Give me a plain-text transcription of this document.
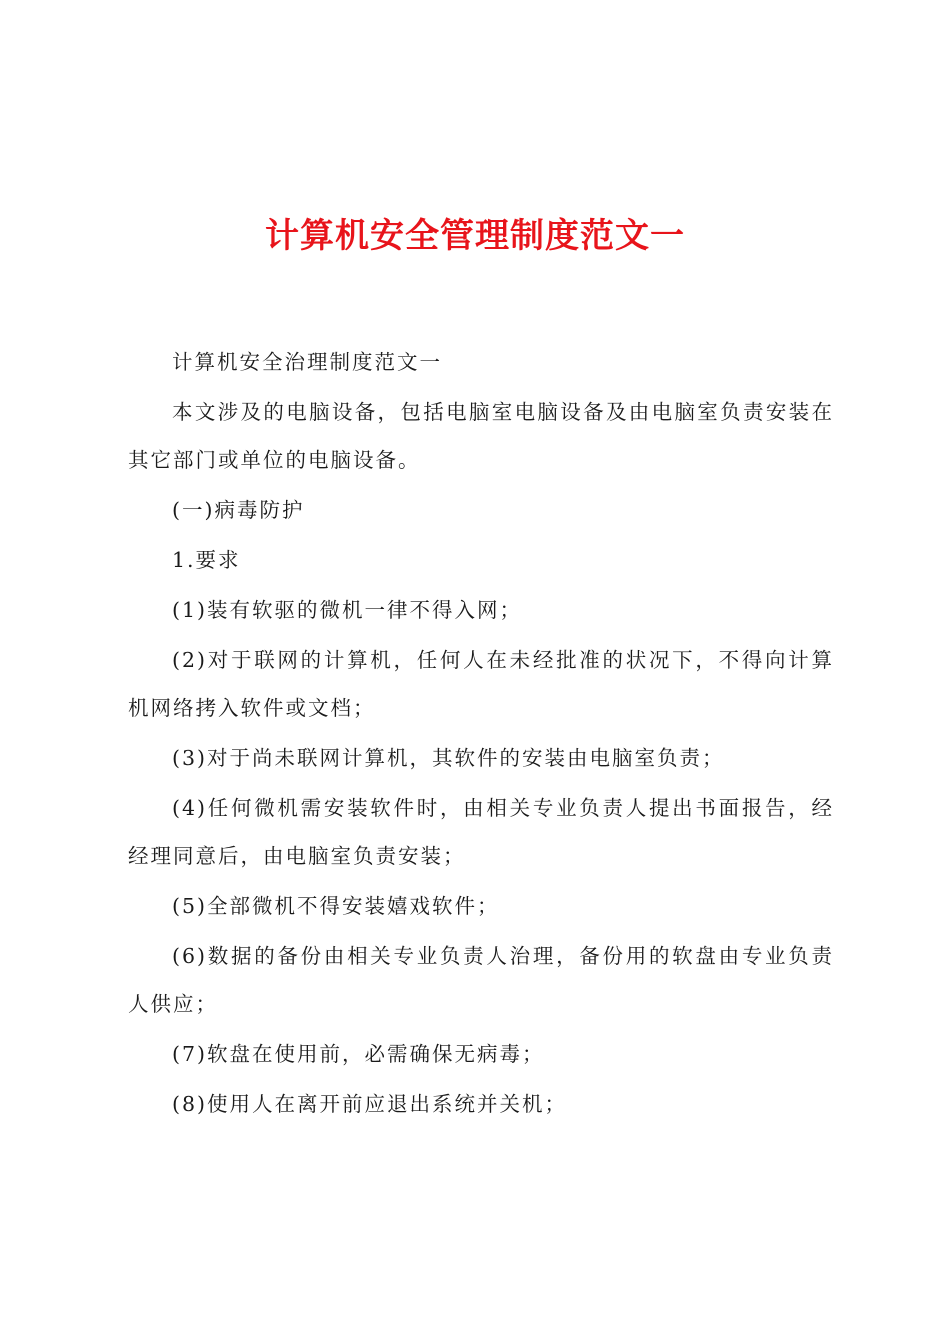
计算机安全管理制度范文一

计算机安全治理制度范文一

本文涉及的电脑设备，包括电脑室电脑设备及由电脑室负责安装在其它部门或单位的电脑设备。

(一)病毒防护

1.要求

(1)装有软驱的微机一律不得入网；

(2)对于联网的计算机，任何人在未经批准的状况下，不得向计算机网络拷入软件或文档；

(3)对于尚未联网计算机，其软件的安装由电脑室负责；

(4)任何微机需安装软件时，由相关专业负责人提出书面报告，经经理同意后，由电脑室负责安装；

(5)全部微机不得安装嬉戏软件；

(6)数据的备份由相关专业负责人治理，备份用的软盘由专业负责人供应；

(7)软盘在使用前，必需确保无病毒；

(8)使用人在离开前应退出系统并关机；
